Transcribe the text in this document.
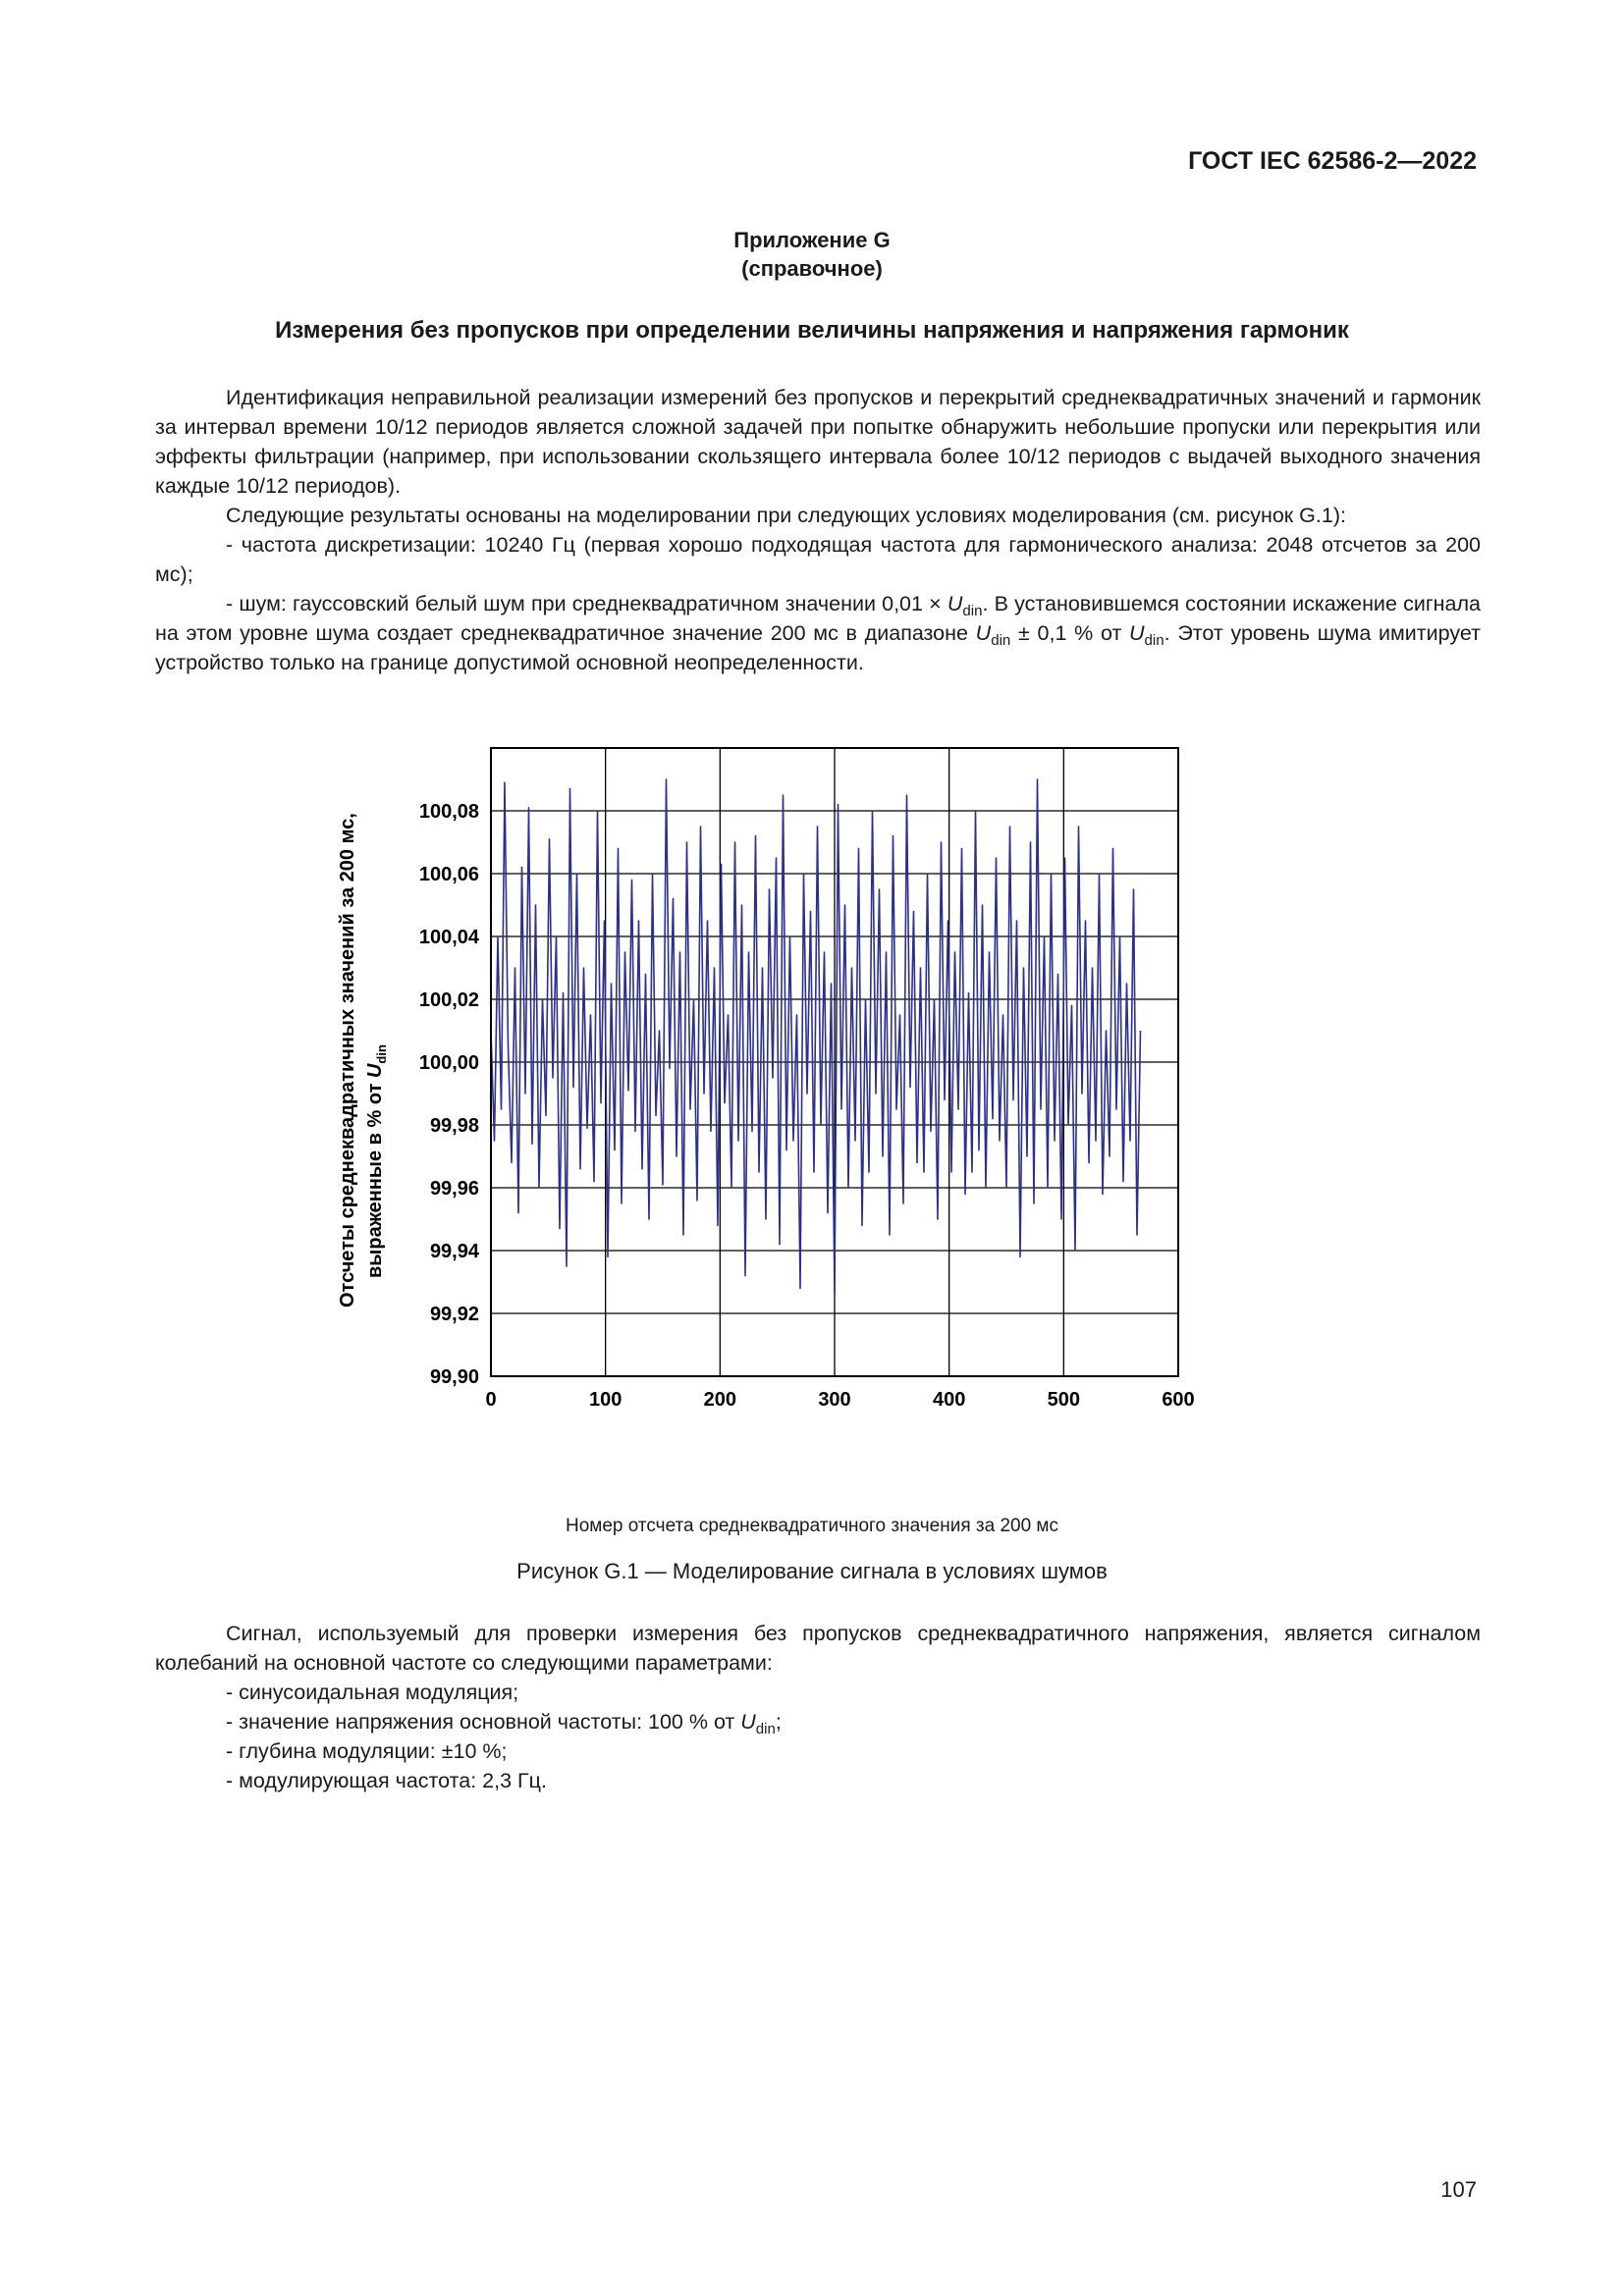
ГОСТ IEC 62586-2—2022
Приложение G
(справочное)
Измерения без пропусков при определении величины напряжения и напряжения гармоник

Идентификация неправильной реализации измерений без пропусков и перекрытий среднеквадратичных значений и гармоник за интервал времени 10/12 периодов является сложной задачей при попытке обнаружить небольшие пропуски или перекрытия или эффекты фильтрации (например, при использовании скользящего интервала более 10/12 периодов с выдачей выходного значения каждые 10/12 периодов).

Следующие результаты основаны на моделировании при следующих условиях моделирования (см. рисунок G.1):

- частота дискретизации: 10240 Гц (первая хорошо подходящая частота для гармонического анализа: 2048 отсчетов за 200 мс);

- шум: гауссовский белый шум при среднеквадратичном значении $0,01 \times U_{din}$. В установившемся состоянии искажение сигнала на этом уровне шума создает среднеквадратичное значение 200 мс в диапазоне $U_{din} \pm 0,1$ % от $U_{din}$. Этот уровень шума имитирует устройство только на границе допустимой основной неопределенности.

99,90
99,92
99,94
99,96
99,98
100,00
100,02
100,04
100,06
100,08
0	100	200	300	400	500	600
Отсчеты среднеквадратичных значений за 200 мс, выраженные в % от $U_{din}$
Номер отсчета среднеквадратичного значения за 200 мс
Рисунок G.1 — Моделирование сигнала в условиях шумов

Сигнал, используемый для проверки измерения без пропусков среднеквадратичного напряжения, является сигналом колебаний на основной частоте со следующими параметрами:

- синусоидальная модуляция;

- значение напряжения основной частоты: 100 % от $U_{din}$;

- глубина модуляции: ±10 %;

- модулирующая частота: 2,3 Гц.

107
